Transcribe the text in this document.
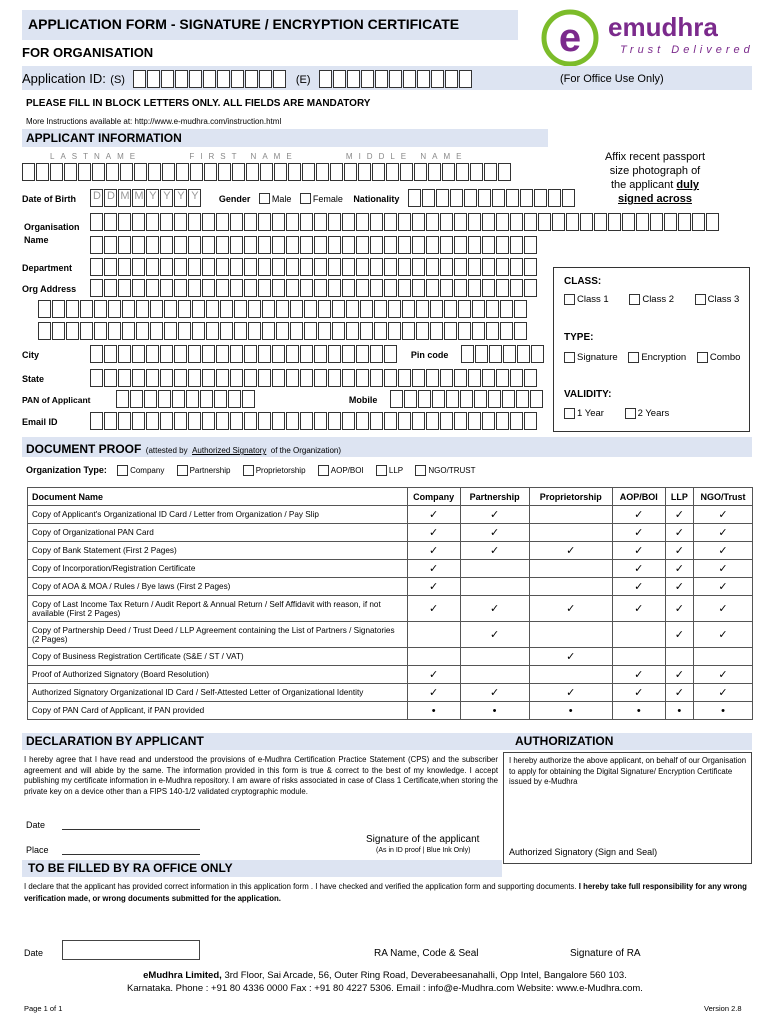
APPLICATION FORM - SIGNATURE / ENCRYPTION CERTIFICATE
FOR ORGANISATION	e emudhra
Trust Delivered
Application ID: (S)	(E)	(For Office Use Only)
PLEASE FILL IN BLOCK LETTERS ONLY. ALL FIELDS ARE MANDATORY
More Instructions available at: http://www.e-mudhra.com/instruction.html
APPLICANT INFORMATION
LASTNAME	FIRST NAME	MIDDLE NAME
Date of Birth D D M M Y Y Y Y Gender Male Female Nationality
Affix recent passport
size photograph of
the applicant duly
signed across
Organisation
Name

Department
Org Address

City	Pin code
State
PAN of Applicant	Mobile
Email ID
CLASS:
Class 1	Class 2	Class 3
TYPE:
Signature Encryption Combo
VALIDITY:
1 Year	2 Years
DOCUMENT PROOF (attested by Authorized Signatory of the Organization)
Organization Type:	Company	Partnership	Proprietorship	AOP/BOI	LLP	NGO/TRUST
Document Name	Company	Partnership	Proprietorship	AOP/BOI	LLP	NGO/Trust
Copy of Applicant's Organizational ID Card / Letter from Organization / Pay Slip	✓	✓		✓	✓	✓
Copy of Organizational PAN Card	✓	✓		✓	✓	✓
Copy of Bank Statement (First 2 Pages)	✓	✓	✓	✓	✓	✓
Copy of Incorporation/Registration Certificate	✓			✓	✓	✓
Copy of AOA & MOA / Rules / Bye laws (First 2 Pages)	✓			✓	✓	✓
Copy of Last Income Tax Return / Audit Report & Annual Return / Self Affidavit with reason, if not available (First 2 Pages)	✓	✓	✓	✓	✓	✓
Copy of Partnership Deed / Trust Deed / LLP Agreement containing the List of Partners / Signatories (2 Pages)		✓			✓	✓
Copy of Business Registration Certificate (S&E / ST / VAT)			✓			
Proof of Authorized Signatory (Board Resolution)	✓			✓	✓	✓
Authorized Signatory Organizational ID Card / Self-Attested Letter of Organizational Identity	✓	✓	✓	✓	✓	✓
Copy of PAN Card of Applicant, if PAN provided	•	•	•	•	•	•
DECLARATION BY APPLICANT	AUTHORIZATION
I hereby agree that I have read and understood the provisions of e-Mudhra Certification Practice Statement (CPS) and the subscriber agreement and will abide by the same. The information provided in this form is true & correct to the best of my knowledge. I accept publishing my certificate information in e-Mudhra repository. I am aware of risks associated in case of Class 1 Certificate,when storing the private key on a device other than a FIPS 140-1/2 validated cryptographic module.
I hereby authorize the above applicant, on behalf of our Organisation to apply for obtaining the Digital Signature/ Encryption Certificate issued by e-Mudhra
Authorized Signatory (Sign and Seal)
Date
Place
Signature of the applicant
(As in ID proof | Blue Ink Only)
TO BE FILLED BY RA OFFICE ONLY
I declare that the applicant has provided correct information in this application form . I have checked and verified the application form and supporting documents. I hereby take full responsibility for any wrong verification made, or wrong documents submitted for the application.
Date	RA Name, Code & Seal	Signature of RA
eMudhra Limited, 3rd Floor, Sai Arcade, 56, Outer Ring Road, Deverabeesanahalli, Opp Intel, Bangalore 560 103.
Karnataka. Phone : +91 80 4336 0000 Fax : +91 80 4227 5306. Email : info@e-Mudhra.com Website: www.e-Mudhra.com.
Page 1 of 1	Version 2.8
